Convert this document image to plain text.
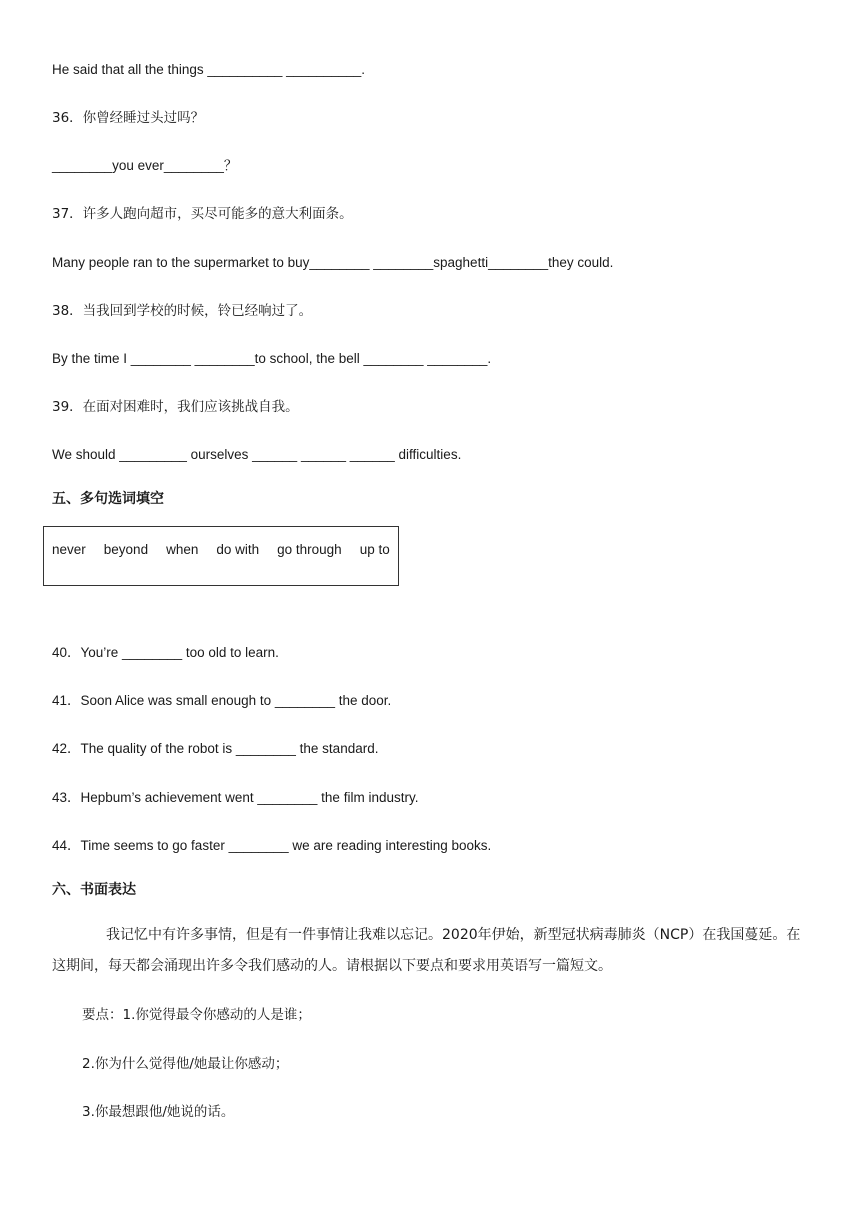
He said that all the things __________ __________.
36．你曾经睡过头过吗？
________you ever________？
37．许多人跑向超市，买尽可能多的意大利面条。
Many people ran to the supermarket to buy________ ________spaghetti________they could.
38．当我回到学校的时候，铃已经响过了。
By the time I ________ ________to school, the bell ________ ________.
39．在面对困难时，我们应该挑战自我。
We should _________ ourselves ______ ______ ______ difficulties.
五、多句选词填空
never beyond when do with go through up to
40．You’re ________ too old to learn.
41．Soon Alice was small enough to ________ the door.
42．The quality of the robot is ________ the standard.
43．Hepbum’s achievement went ________ the film industry.
44．Time seems to go faster ________ we are reading interesting books.
六、书面表达
我记忆中有许多事情，但是有一件事情让我难以忘记。2020年伊始，新型冠状病毒肺炎（NCP）在我国蔓延。在这期间，每天都会涌现出许多令我们感动的人。请根据以下要点和要求用英语写一篇短文。
要点：1.你觉得最令你感动的人是谁；
2.你为什么觉得他/她最让你感动；
3.你最想跟他/她说的话。
